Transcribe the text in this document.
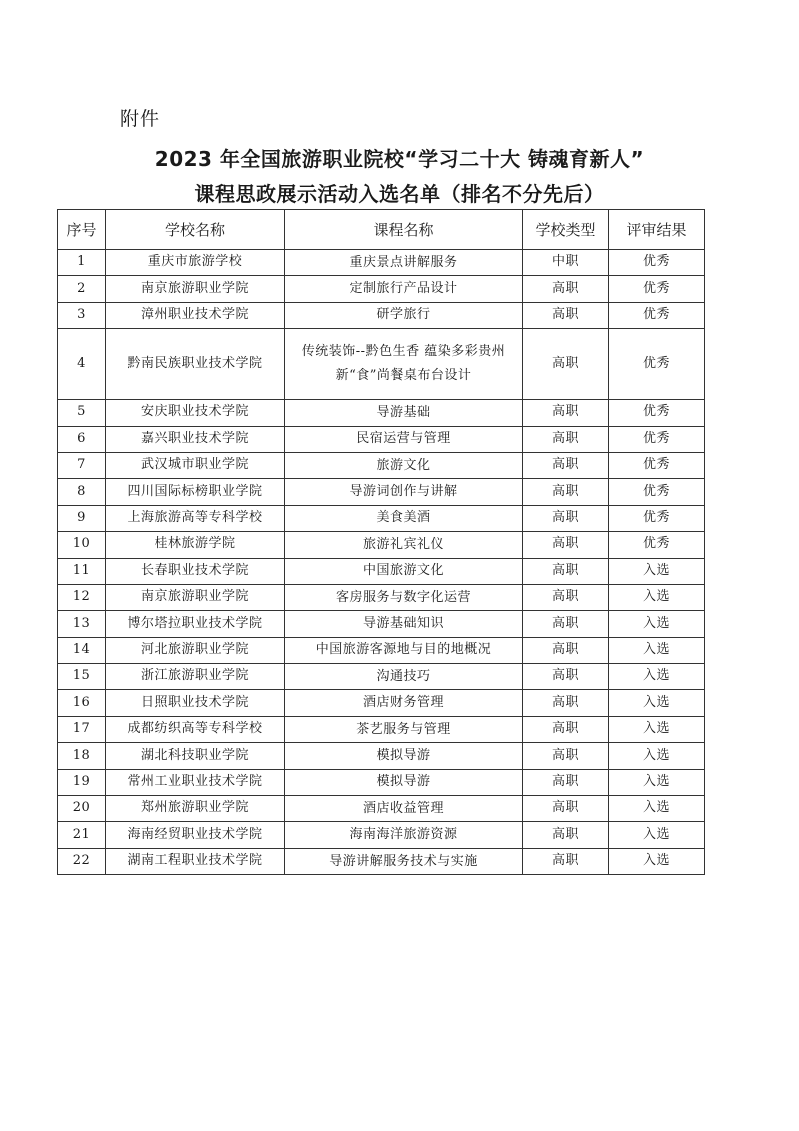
附件
2023 年全国旅游职业院校“学习二十大 铸魂育新人”
课程思政展示活动入选名单（排名不分先后）
序号	学校名称	课程名称	学校类型	评审结果
1	重庆市旅游学校	重庆景点讲解服务	中职	优秀
2	南京旅游职业学院	定制旅行产品设计	高职	优秀
3	漳州职业技术学院	研学旅行	高职	优秀
4	黔南民族职业技术学院	传统装饰--黔色生香 蕴染多彩贵州新“食”尚餐桌布台设计	高职	优秀
5	安庆职业技术学院	导游基础	高职	优秀
6	嘉兴职业技术学院	民宿运营与管理	高职	优秀
7	武汉城市职业学院	旅游文化	高职	优秀
8	四川国际标榜职业学院	导游词创作与讲解	高职	优秀
9	上海旅游高等专科学校	美食美酒	高职	优秀
10	桂林旅游学院	旅游礼宾礼仪	高职	优秀
11	长春职业技术学院	中国旅游文化	高职	入选
12	南京旅游职业学院	客房服务与数字化运营	高职	入选
13	博尔塔拉职业技术学院	导游基础知识	高职	入选
14	河北旅游职业学院	中国旅游客源地与目的地概况	高职	入选
15	浙江旅游职业学院	沟通技巧	高职	入选
16	日照职业技术学院	酒店财务管理	高职	入选
17	成都纺织高等专科学校	茶艺服务与管理	高职	入选
18	湖北科技职业学院	模拟导游	高职	入选
19	常州工业职业技术学院	模拟导游	高职	入选
20	郑州旅游职业学院	酒店收益管理	高职	入选
21	海南经贸职业技术学院	海南海洋旅游资源	高职	入选
22	湖南工程职业技术学院	导游讲解服务技术与实施	高职	入选
